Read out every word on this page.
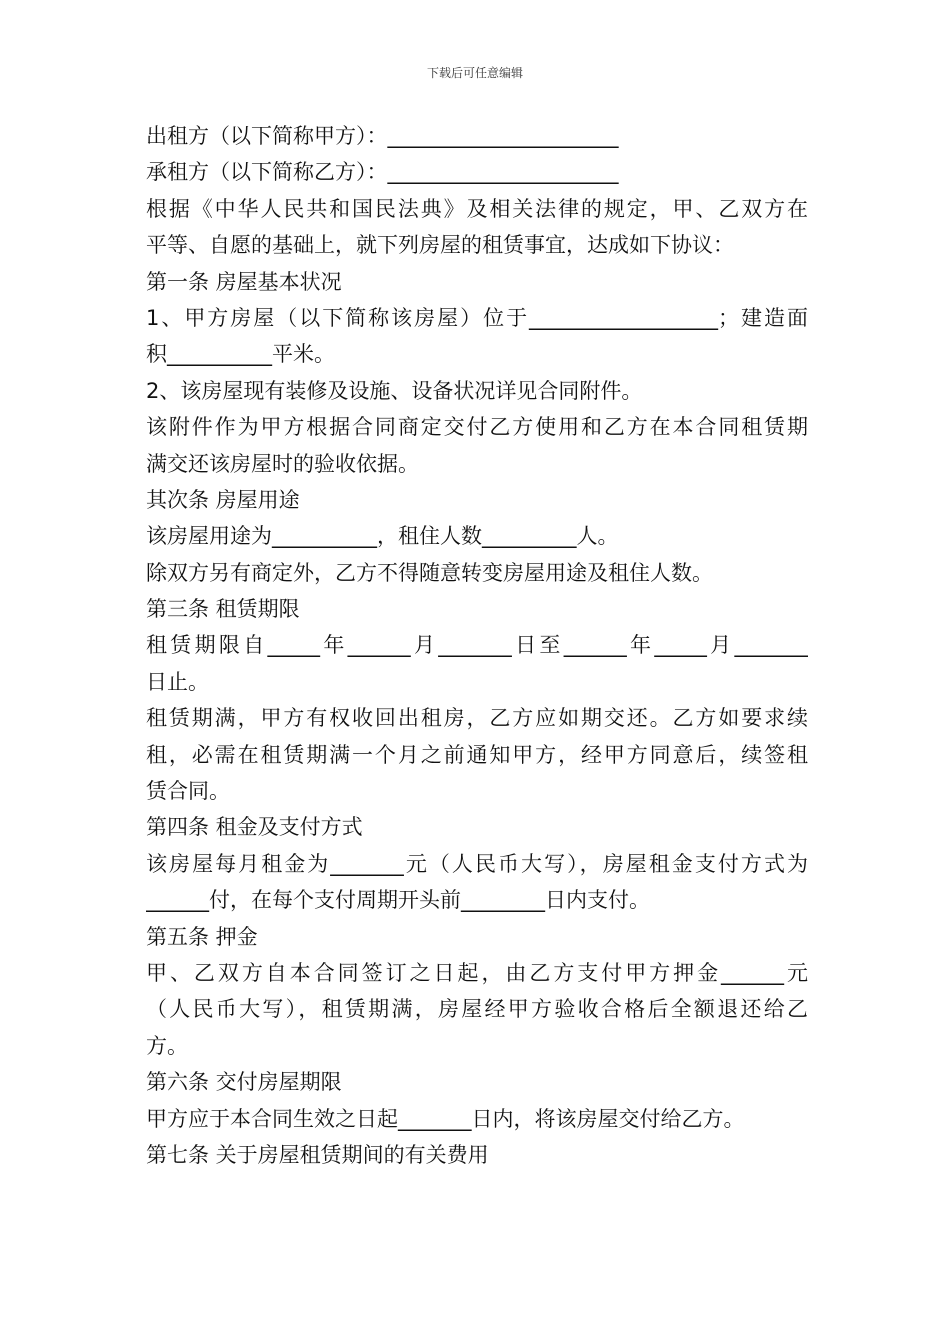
下载后可任意编辑
出租方（以下简称甲方）：______________________
承租方（以下简称乙方）：______________________
根据《中华人民共和国民法典》及相关法律的规定，甲、乙双方在
平等、自愿的基础上，就下列房屋的租赁事宜，达成如下协议：
第一条 房屋基本状况
1、甲方房屋（以下简称该房屋）位于__________________；建造面
积__________平米。
2、该房屋现有装修及设施、设备状况详见合同附件。
该附件作为甲方根据合同商定交付乙方使用和乙方在本合同租赁期
满交还该房屋时的验收依据。
其次条 房屋用途
该房屋用途为__________，租住人数_________人。
除双方另有商定外，乙方不得随意转变房屋用途及租住人数。
第三条 租赁期限
租赁期限自_____年______月_______日至______年_____月_______
日止。
租赁期满，甲方有权收回出租房，乙方应如期交还。乙方如要求续
租，必需在租赁期满一个月之前通知甲方，经甲方同意后，续签租
赁合同。
第四条 租金及支付方式
该房屋每月租金为_______元（人民币大写），房屋租金支付方式为
______付，在每个支付周期开头前________日内支付。
第五条 押金
甲、乙双方自本合同签订之日起，由乙方支付甲方押金______元
（人民币大写），租赁期满，房屋经甲方验收合格后全额退还给乙
方。
第六条 交付房屋期限
甲方应于本合同生效之日起_______日内，将该房屋交付给乙方。
第七条 关于房屋租赁期间的有关费用
